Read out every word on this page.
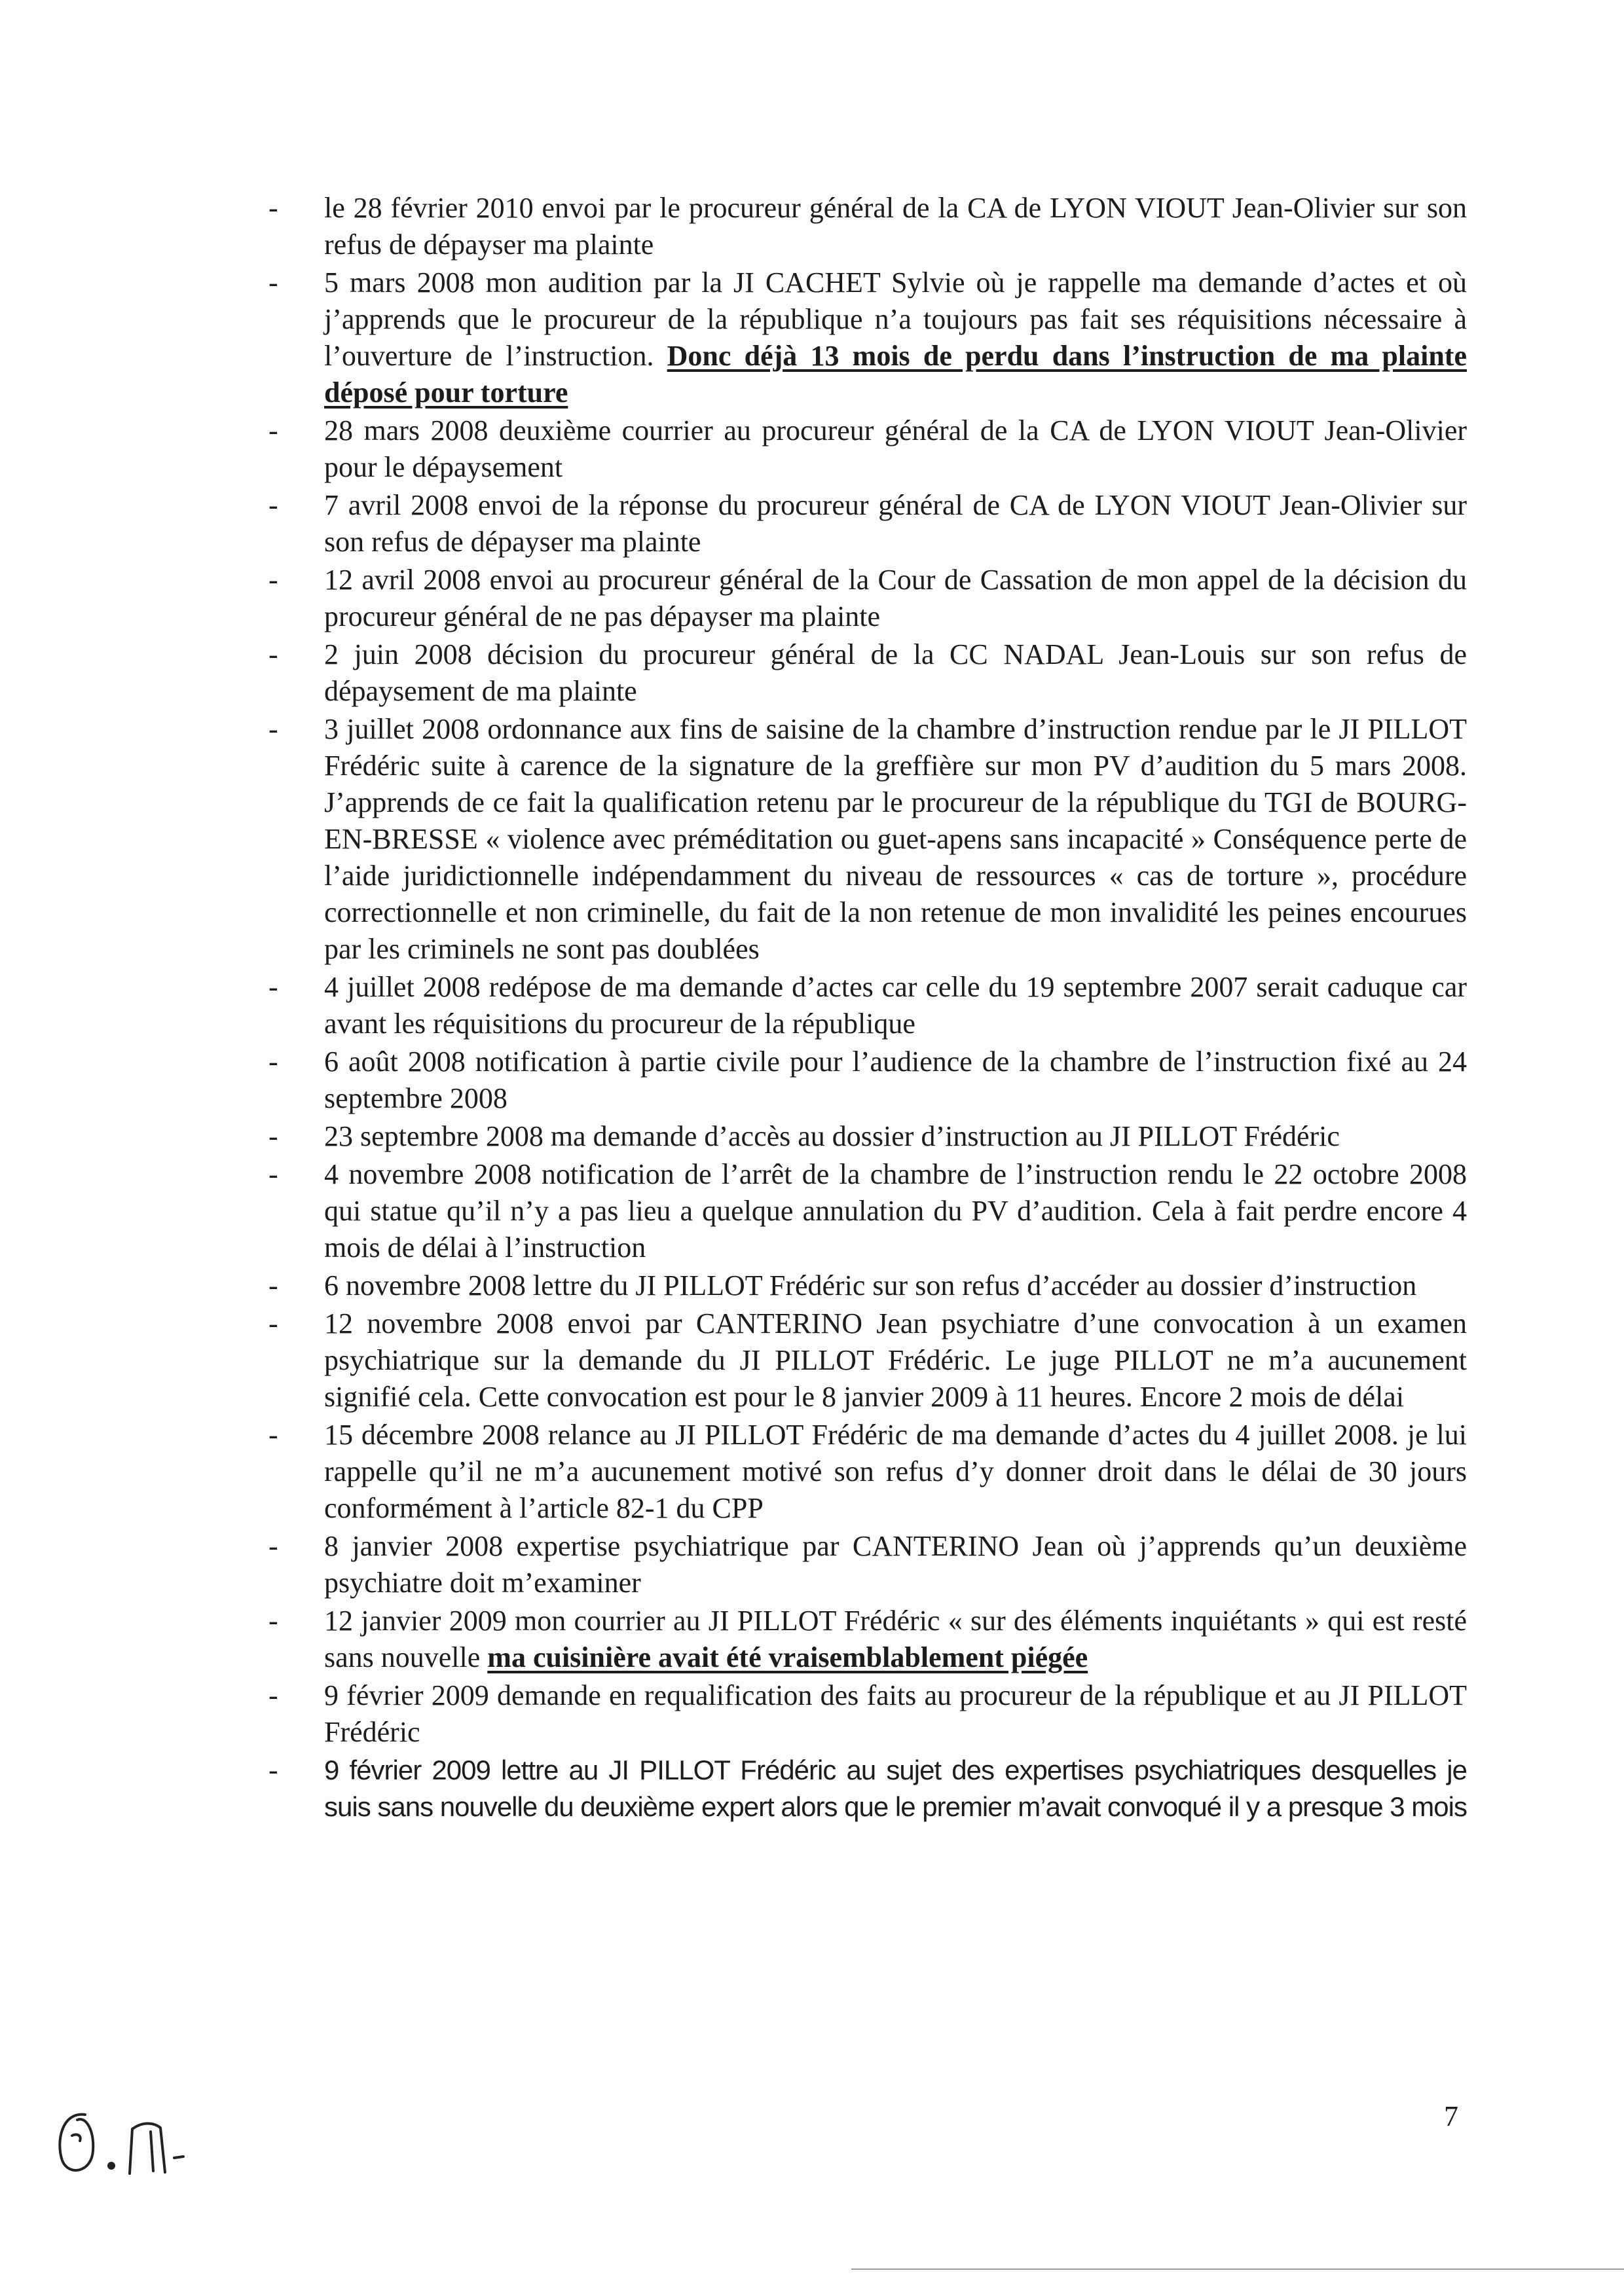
-	le 28 février 2010 envoi par le procureur général de la CA de LYON VIOUT Jean-Olivier sur son refus de dépayser ma plainte
-	5 mars 2008 mon audition par la JI CACHET Sylvie où je rappelle ma demande d’actes et où j’apprends que le procureur de la république n’a toujours pas fait ses réquisitions nécessaire à l’ouverture de l’instruction. Donc déjà 13 mois de perdu dans l’instruction de ma plainte déposé pour torture
-	28 mars 2008 deuxième courrier au procureur général de la CA de LYON VIOUT Jean-Olivier pour le dépaysement
-	7 avril 2008 envoi de la réponse du procureur général de CA de LYON VIOUT Jean-Olivier sur son refus de dépayser ma plainte
-	12 avril 2008 envoi au procureur général de la Cour de Cassation de mon appel de la décision du procureur général de ne pas dépayser ma plainte
-	2 juin 2008 décision du procureur général de la CC NADAL Jean-Louis sur son refus de dépaysement de ma plainte
-	3 juillet 2008 ordonnance aux fins de saisine de la chambre d’instruction rendue par le JI PILLOT Frédéric suite à carence de la signature de la greffière sur mon PV d’audition du 5 mars 2008. J’apprends de ce fait la qualification retenu par le procureur de la république du TGI de BOURG-EN-BRESSE « violence avec préméditation ou guet-apens sans incapacité » Conséquence perte de l’aide juridictionnelle indépendamment du niveau de ressources « cas de torture », procédure correctionnelle et non criminelle, du fait de la non retenue de mon invalidité les peines encourues par les criminels ne sont pas doublées
-	4 juillet 2008 redépose de ma demande d’actes car celle du 19 septembre 2007 serait caduque car avant les réquisitions du procureur de la république
-	6 août 2008 notification à partie civile pour l’audience de la chambre de l’instruction fixé au 24 septembre 2008
-	23 septembre 2008 ma demande d’accès au dossier d’instruction au JI PILLOT Frédéric
-	4 novembre 2008 notification de l’arrêt de la chambre de l’instruction rendu le 22 octobre 2008 qui statue qu’il n’y a pas lieu a quelque annulation du PV d’audition. Cela à fait perdre encore 4 mois de délai à l’instruction
-	6 novembre 2008 lettre du JI PILLOT Frédéric sur son refus d’accéder au dossier d’instruction
-	12 novembre 2008 envoi par CANTERINO Jean psychiatre d’une convocation à un examen psychiatrique sur la demande du JI PILLOT Frédéric. Le juge PILLOT ne m’a aucunement signifié cela. Cette convocation est pour le 8 janvier 2009 à 11 heures. Encore 2 mois de délai
-	15 décembre 2008 relance au JI PILLOT Frédéric de ma demande d’actes du 4 juillet 2008. je lui rappelle qu’il ne m’a aucunement motivé son refus d’y donner droit dans le délai de 30 jours conformément à l’article 82-1 du CPP
-	8 janvier 2008 expertise psychiatrique par CANTERINO Jean où j’apprends qu’un deuxième psychiatre doit m’examiner
-	12 janvier 2009 mon courrier au JI PILLOT Frédéric « sur des éléments inquiétants » qui est resté sans nouvelle ma cuisinière avait été vraisemblablement piégée
-	9 février 2009 demande en requalification des faits au procureur de la république et au JI PILLOT Frédéric
-	9 février 2009 lettre au JI PILLOT Frédéric au sujet des expertises psychiatriques desquelles je suis sans nouvelle du deuxième expert alors que le premier m’avait convoqué il y a presque 3 mois
7
